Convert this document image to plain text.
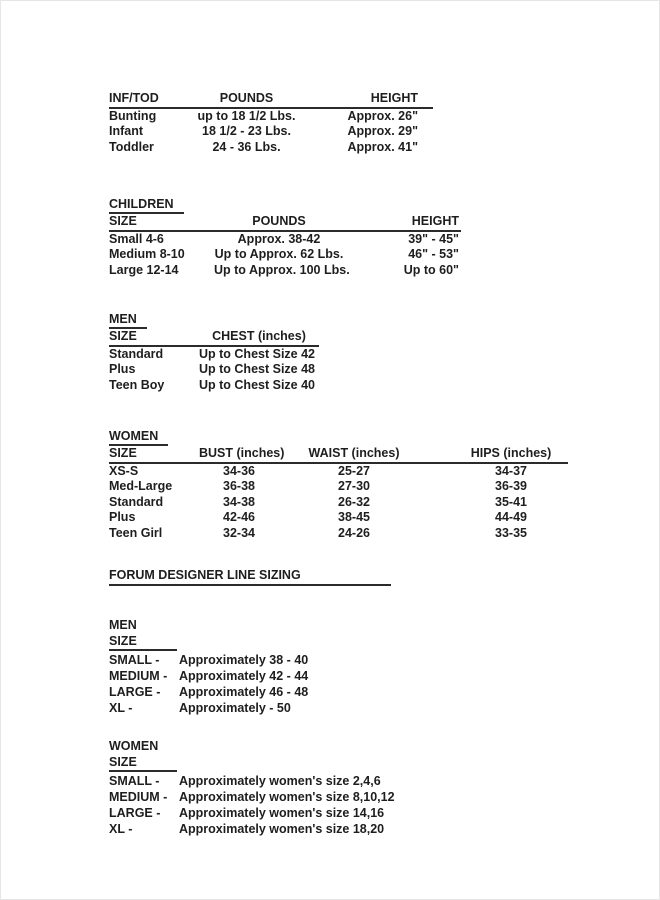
INF/TOD	POUNDS	HEIGHT
Bunting	up to 18 1/2 Lbs.	Approx. 26"
Infant	18 1/2 - 23 Lbs.	Approx. 29"
Toddler	24 - 36 Lbs.	Approx. 41"
CHILDREN
SIZE	POUNDS	HEIGHT
Small 4-6	Approx. 38-42	39" - 45"
Medium 8-10	Up to Approx. 62 Lbs.	46" - 53"
Large 12-14	Up to Approx. 100 Lbs.	Up to 60"
MEN
SIZE	CHEST (inches)
Standard	Up to Chest Size 42
Plus	Up to Chest Size 48
Teen Boy	Up to Chest Size 40
WOMEN
SIZE	BUST (inches)	WAIST (inches)	HIPS (inches)
XS-S	34-36	25-27	34-37
Med-Large	36-38	27-30	36-39
Standard	34-38	26-32	35-41
Plus	42-46	38-45	44-49
Teen Girl	32-34	24-26	33-35
FORUM DESIGNER LINE SIZING
MEN
SIZE
SMALL -	Approximately 38 - 40
MEDIUM - Approximately 42 - 44
LARGE -	Approximately 46 - 48
XL -	Approximately - 50
WOMEN
SIZE
SMALL -	Approximately women's size 2,4,6
MEDIUM - Approximately women's size 8,10,12
LARGE -	Approximately women's size 14,16
XL -	Approximately women's size 18,20
